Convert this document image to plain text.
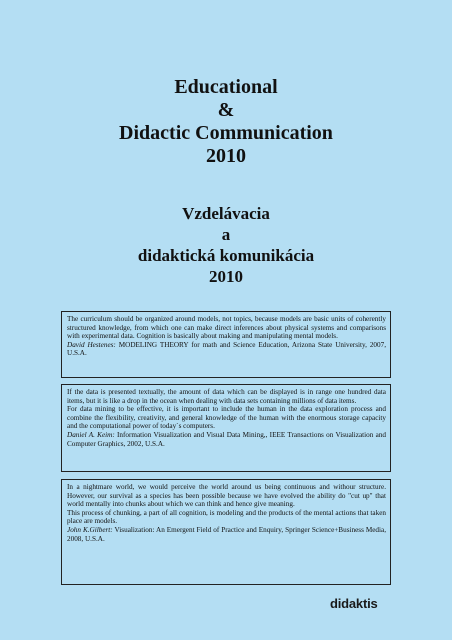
Educational
&
Didactic Communication
2010
Vzdelávacia
a
didaktická komunikácia
2010

The curriculum should be organized around models, not topics, because models are basic units of coherently structured knowledge, from which one can make direct inferences about physical systems and comparisons with experimental data. Cognition is basically about making and manipulating mental models.

David Hestenes: MODELING THEORY for math and Science Education, Arizona State University, 2007, U.S.A.

If the data is presented textually, the amount of data which can be displayed is in range one hundred data items, but it is like a drop in the ocean when dealing with data sets containing millions of data items.

For data mining to be effective, it is important to include the human in the data exploration process and combine the flexibility, creativity, and general knowledge of the human with the enormous storage capacity and the computational power of today´s computers.

Daniel A. Keim: Information Visualization and Visual Data Mining,, IEEE Transactions on Visualization and Computer Graphics, 2002, U.S.A.

In a nightmare world, we would perceive the world around us being continuous and withour structure. However, our survival as a species has been possible because we have evolved the ability do "cut up" that world mentally into chunks about which we can think and hence give meaning.

This process of chunking, a part of all cognition, is modeling and the products of the mental actions that taken place are models.

John K.Gilbert: Visualization: An Emergent Field of Practice and Enquiry, Springer Science+Business Media, 2008, U.S.A.

didaktis
